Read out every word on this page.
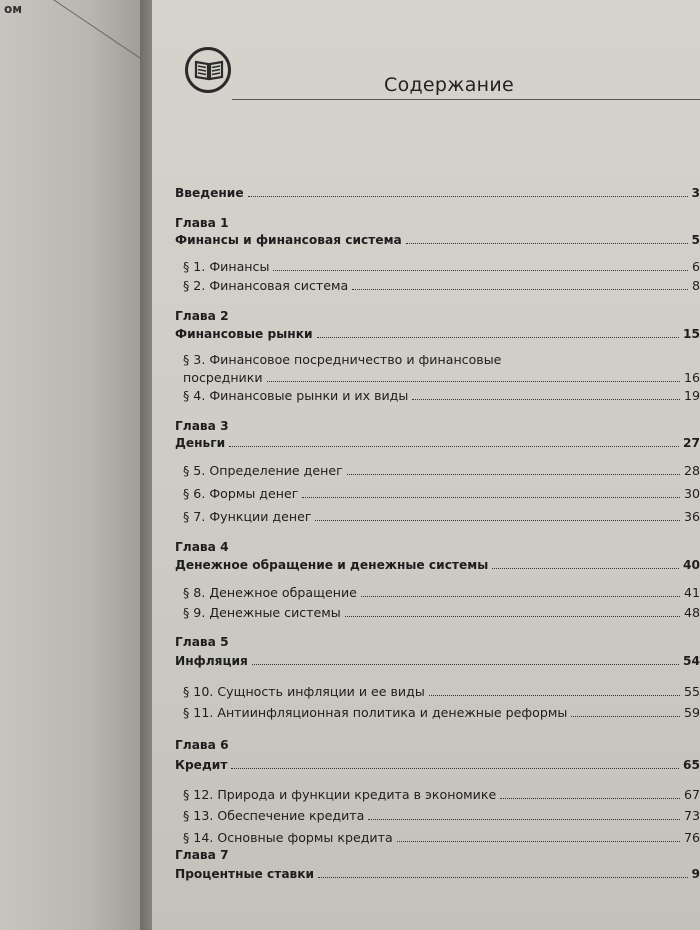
ом
Содержание
Введение	3
Глава 1
Финансы и финансовая система	5
§ 1. Финансы	6
§ 2. Финансовая система	8
Глава 2
Финансовые рынки	15
§ 3. Финансовое посредничество и финансовые
посредники	16
§ 4. Финансовые рынки и их виды	19
Глава 3
Деньги	27
§ 5. Определение денег	28
§ 6. Формы денег	30
§ 7. Функции денег	36
Глава 4
Денежное обращение и денежные системы	40
§ 8. Денежное обращение	41
§ 9. Денежные системы	48
Глава 5
Инфляция	54
§ 10. Сущность инфляции и ее виды	55
§ 11. Антиинфляционная политика и денежные реформы	59
Глава 6
Кредит	65
§ 12. Природа и функции кредита в экономике	67
§ 13. Обеспечение кредита	73
§ 14. Основные формы кредита	76
Глава 7
Процентные ставки	9
